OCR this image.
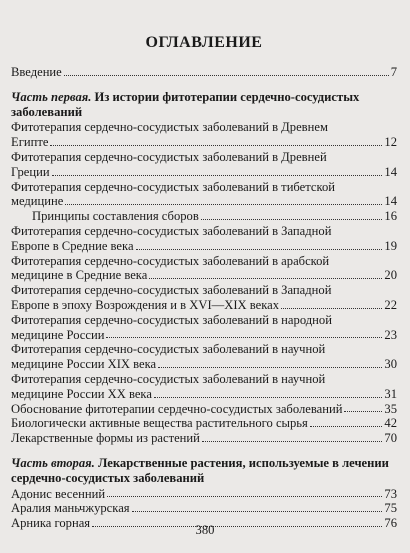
ОГЛАВЛЕНИЕ
Введение	7
Часть первая. Из истории фитотерапии сердечно-сосудистых заболеваний
Фитотерапия сердечно-сосудистых заболеваний в Древнем
Египте	12
Фитотерапия сердечно-сосудистых заболеваний в Древней
Греции	14
Фитотерапия сердечно-сосудистых заболеваний в тибетской
медицине	14
Принципы составления сборов	16
Фитотерапия сердечно-сосудистых заболеваний в Западной
Европе в Средние века	19
Фитотерапия сердечно-сосудистых заболеваний в арабской
медицине в Средние века	20
Фитотерапия сердечно-сосудистых заболеваний в Западной
Европе в эпоху Возрождения и в XVI—XIX веках	22
Фитотерапия сердечно-сосудистых заболеваний в народной
медицине России	23
Фитотерапия сердечно-сосудистых заболеваний в научной
медицине России XIX века	30
Фитотерапия сердечно-сосудистых заболеваний в научной
медицине России XX века	31
Обоснование фитотерапии сердечно-сосудистых заболеваний	35
Биологически активные вещества растительного сырья	42
Лекарственные формы из растений	70
Часть вторая. Лекарственные растения, используемые в лечении сердечно-сосудистых заболеваний
Адонис весенний	73
Аралия маньчжурская	75
Арника горная	76
380
